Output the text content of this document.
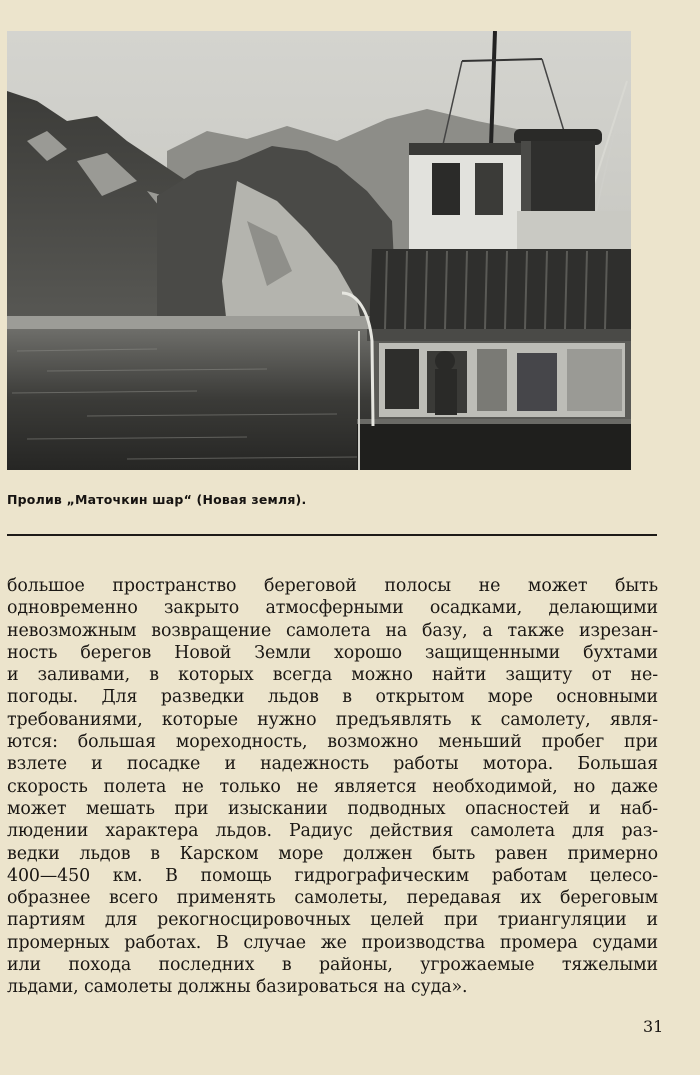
Пролив „Маточкин шар“ (Новая земля).
большое пространство береговой полосы не может быть
одновременно закрыто атмосферными осадками, делающими
невозможным возвращение самолета на базу, а также изрезан-
ность берегов Новой Земли хорошо защищенными бухтами
и заливами, в которых всегда можно найти защиту от не-
погоды. Для разведки льдов в открытом море основными
требованиями, которые нужно предъявлять к самолету, явля-
ются: большая мореходность, возможно меньший пробег при
взлете и посадке и надежность работы мотора. Большая
скорость полета не только не является необходимой, но даже
может мешать при изыскании подводных опасностей и наб-
людении характера льдов. Радиус действия самолета для раз-
ведки льдов в Карском море должен быть равен примерно
400—450 км. В помощь гидрографическим работам целесо-
образнее всего применять самолеты, передавая их береговым
партиям для рекогносцировочных целей при триангуляции и
промерных работах. В случае же производства промера судами
или похода последних в районы, угрожаемые тяжелыми
льдами, самолеты должны базироваться на суда».
31
